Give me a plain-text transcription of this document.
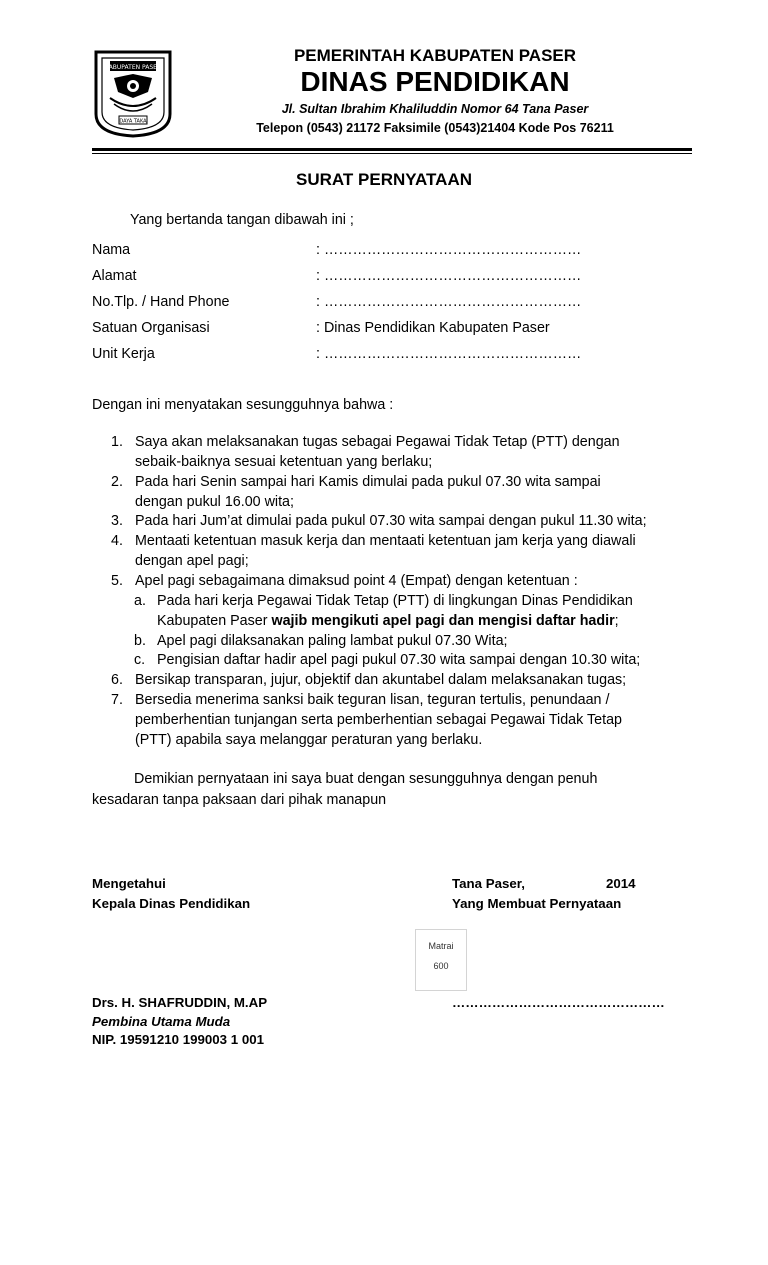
KABUPATEN PASER
DAYA TAKA
PEMERINTAH KABUPATEN PASER
DINAS PENDIDIKAN
Jl. Sultan Ibrahim Khaliluddin Nomor 64 Tana Paser
Telepon (0543) 21172 Faksimile (0543)21404 Kode Pos 76211
SURAT PERNYATAAN
Yang bertanda tangan dibawah ini ;
Nama	: ………………………………………………
Alamat	: ………………………………………………
No.Tlp. / Hand Phone	: ………………………………………………
Satuan Organisasi	: Dinas Pendidikan Kabupaten Paser
Unit Kerja	: ………………………………………………
Dengan ini menyatakan sesungguhnya bahwa :
1. Saya akan melaksanakan tugas sebagai Pegawai Tidak Tetap (PTT) dengan
sebaik-baiknya sesuai ketentuan yang berlaku;
2. Pada hari Senin sampai hari Kamis dimulai pada pukul 07.30 wita sampai
dengan pukul 16.00 wita;
3. Pada hari Jum’at dimulai pada pukul 07.30 wita sampai dengan pukul 11.30 wita;
4. Mentaati ketentuan masuk kerja dan mentaati ketentuan jam kerja yang diawali
dengan apel pagi;
5. Apel pagi sebagaimana dimaksud point 4 (Empat) dengan ketentuan :
a. Pada hari kerja Pegawai Tidak Tetap (PTT) di lingkungan Dinas Pendidikan
Kabupaten Paser wajib mengikuti apel pagi dan mengisi daftar hadir;
b. Apel pagi dilaksanakan paling lambat pukul 07.30 Wita;
c. Pengisian daftar hadir apel pagi pukul 07.30 wita sampai dengan 10.30 wita;
6. Bersikap transparan, jujur, objektif dan akuntabel dalam melaksanakan tugas;
7. Bersedia menerima sanksi baik teguran lisan, teguran tertulis, penundaan /
pemberhentian tunjangan serta pemberhentian sebagai Pegawai Tidak Tetap
(PTT) apabila saya melanggar peraturan yang berlaku.
Demikian pernyataan ini saya buat dengan sesungguhnya dengan penuh
kesadaran tanpa paksaan dari pihak manapun
Mengetahui
Kepala Dinas Pendidikan
Tana Paser,	2014
Yang Membuat Pernyataan
Matrai
600
Drs. H. SHAFRUDDIN, M.AP
Pembina Utama Muda
NIP. 19591210 199003 1 001
…………………………………………
